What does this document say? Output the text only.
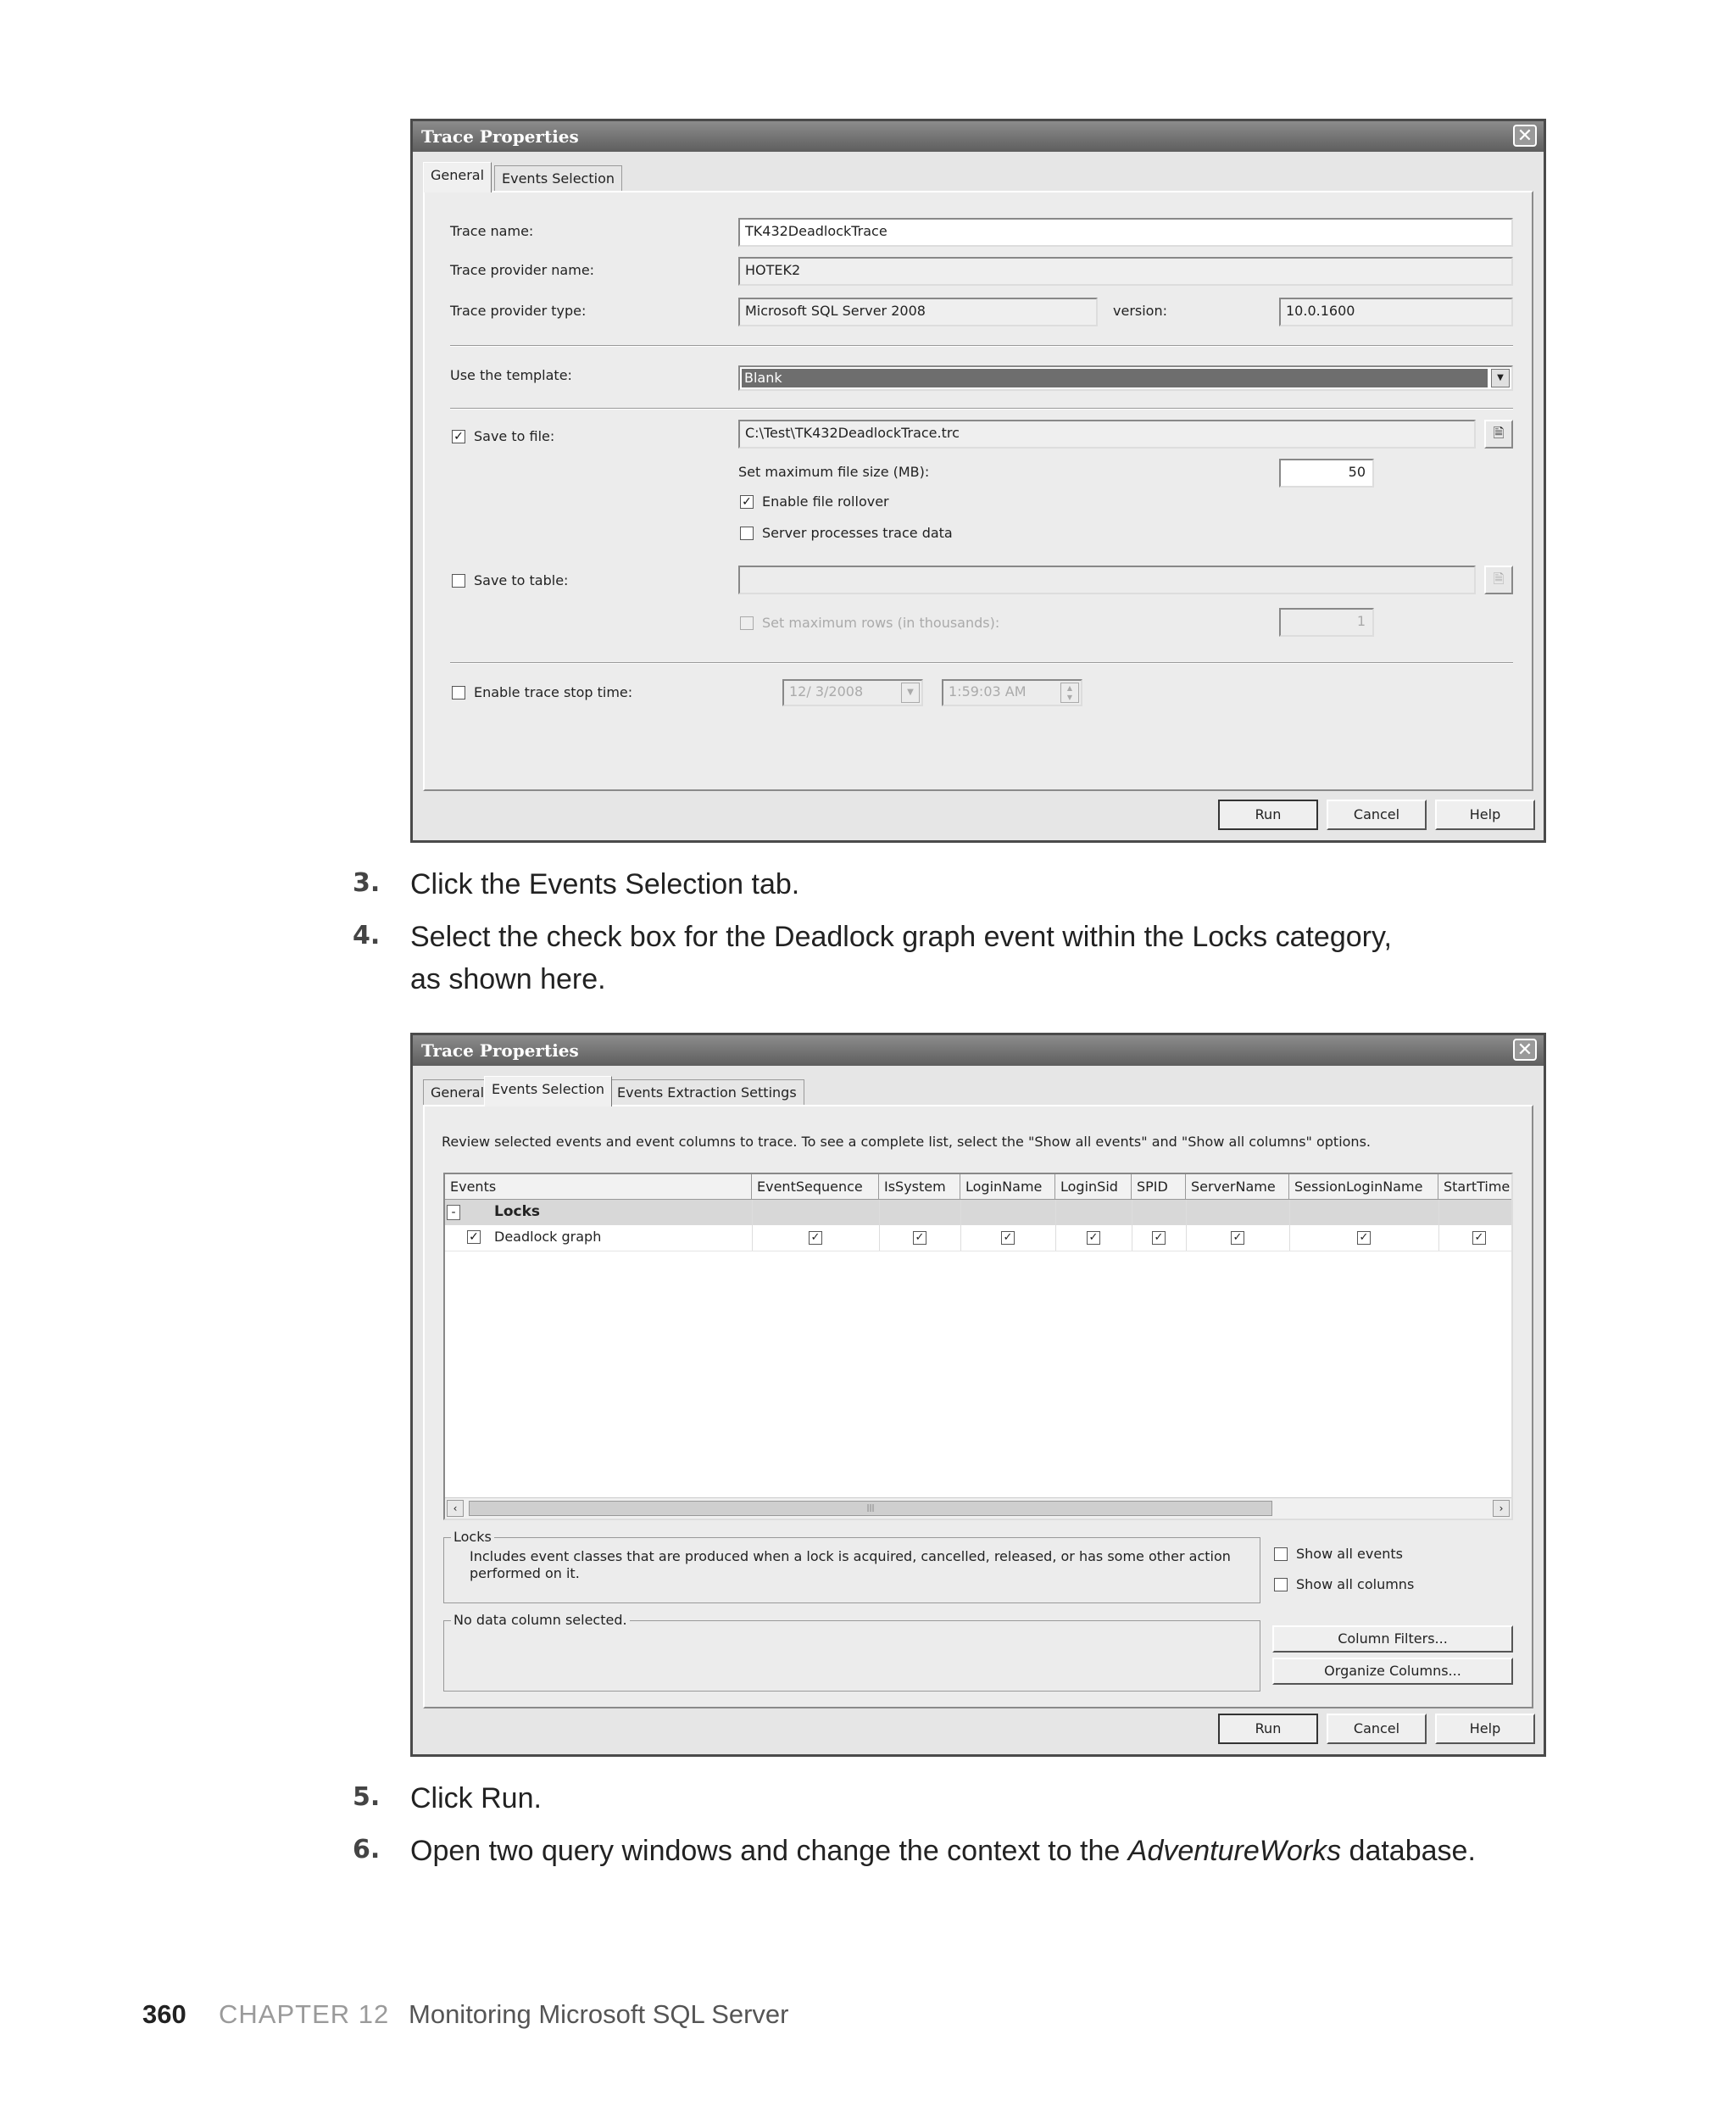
Trace Properties	✕
General	Events Selection
Trace name:	TK432DeadlockTrace
Trace provider name:	HOTEK2
Trace provider type:	Microsoft SQL Server 2008	version:	10.0.1600
Use the template:	Blank	▼
✓ Save to file:	C:\Test\TK432DeadlockTrace.trc	🗎
Set maximum file size (MB):	50
✓ Enable file rollover
Server processes trace data
Save to table:	🗎
Set maximum rows (in thousands):	1
Enable trace stop time:	12/ 3/2008	▼	1:59:03 AM	▲
▼
Run	Cancel	Help
3. Click the Events Selection tab.
4. Select the check box for the Deadlock graph event within the Locks category,
as shown here.
Trace Properties	✕
General Events Selection Events Extraction Settings
Review selected events and event columns to trace. To see a complete list, select the "Show all events" and "Show all columns" options.
Events	EventSequence	IsSystem	LoginName	LoginSid	SPID	ServerName	SessionLoginName	StartTime
-	Locks
✓ Deadlock graph	✓	✓	✓	✓	✓	✓	✓	✓
‹	|||	›
Locks
Includes event classes that are produced when a lock is acquired, cancelled, released, or has some other action
performed on it.
Show all events
Show all columns
No data column selected.
Column Filters...
Organize Columns...
Run	Cancel	Help
5. Click Run.
6. Open two query windows and change the context to the AdventureWorks database.
360 CHAPTER 12 Monitoring Microsoft SQL Server
